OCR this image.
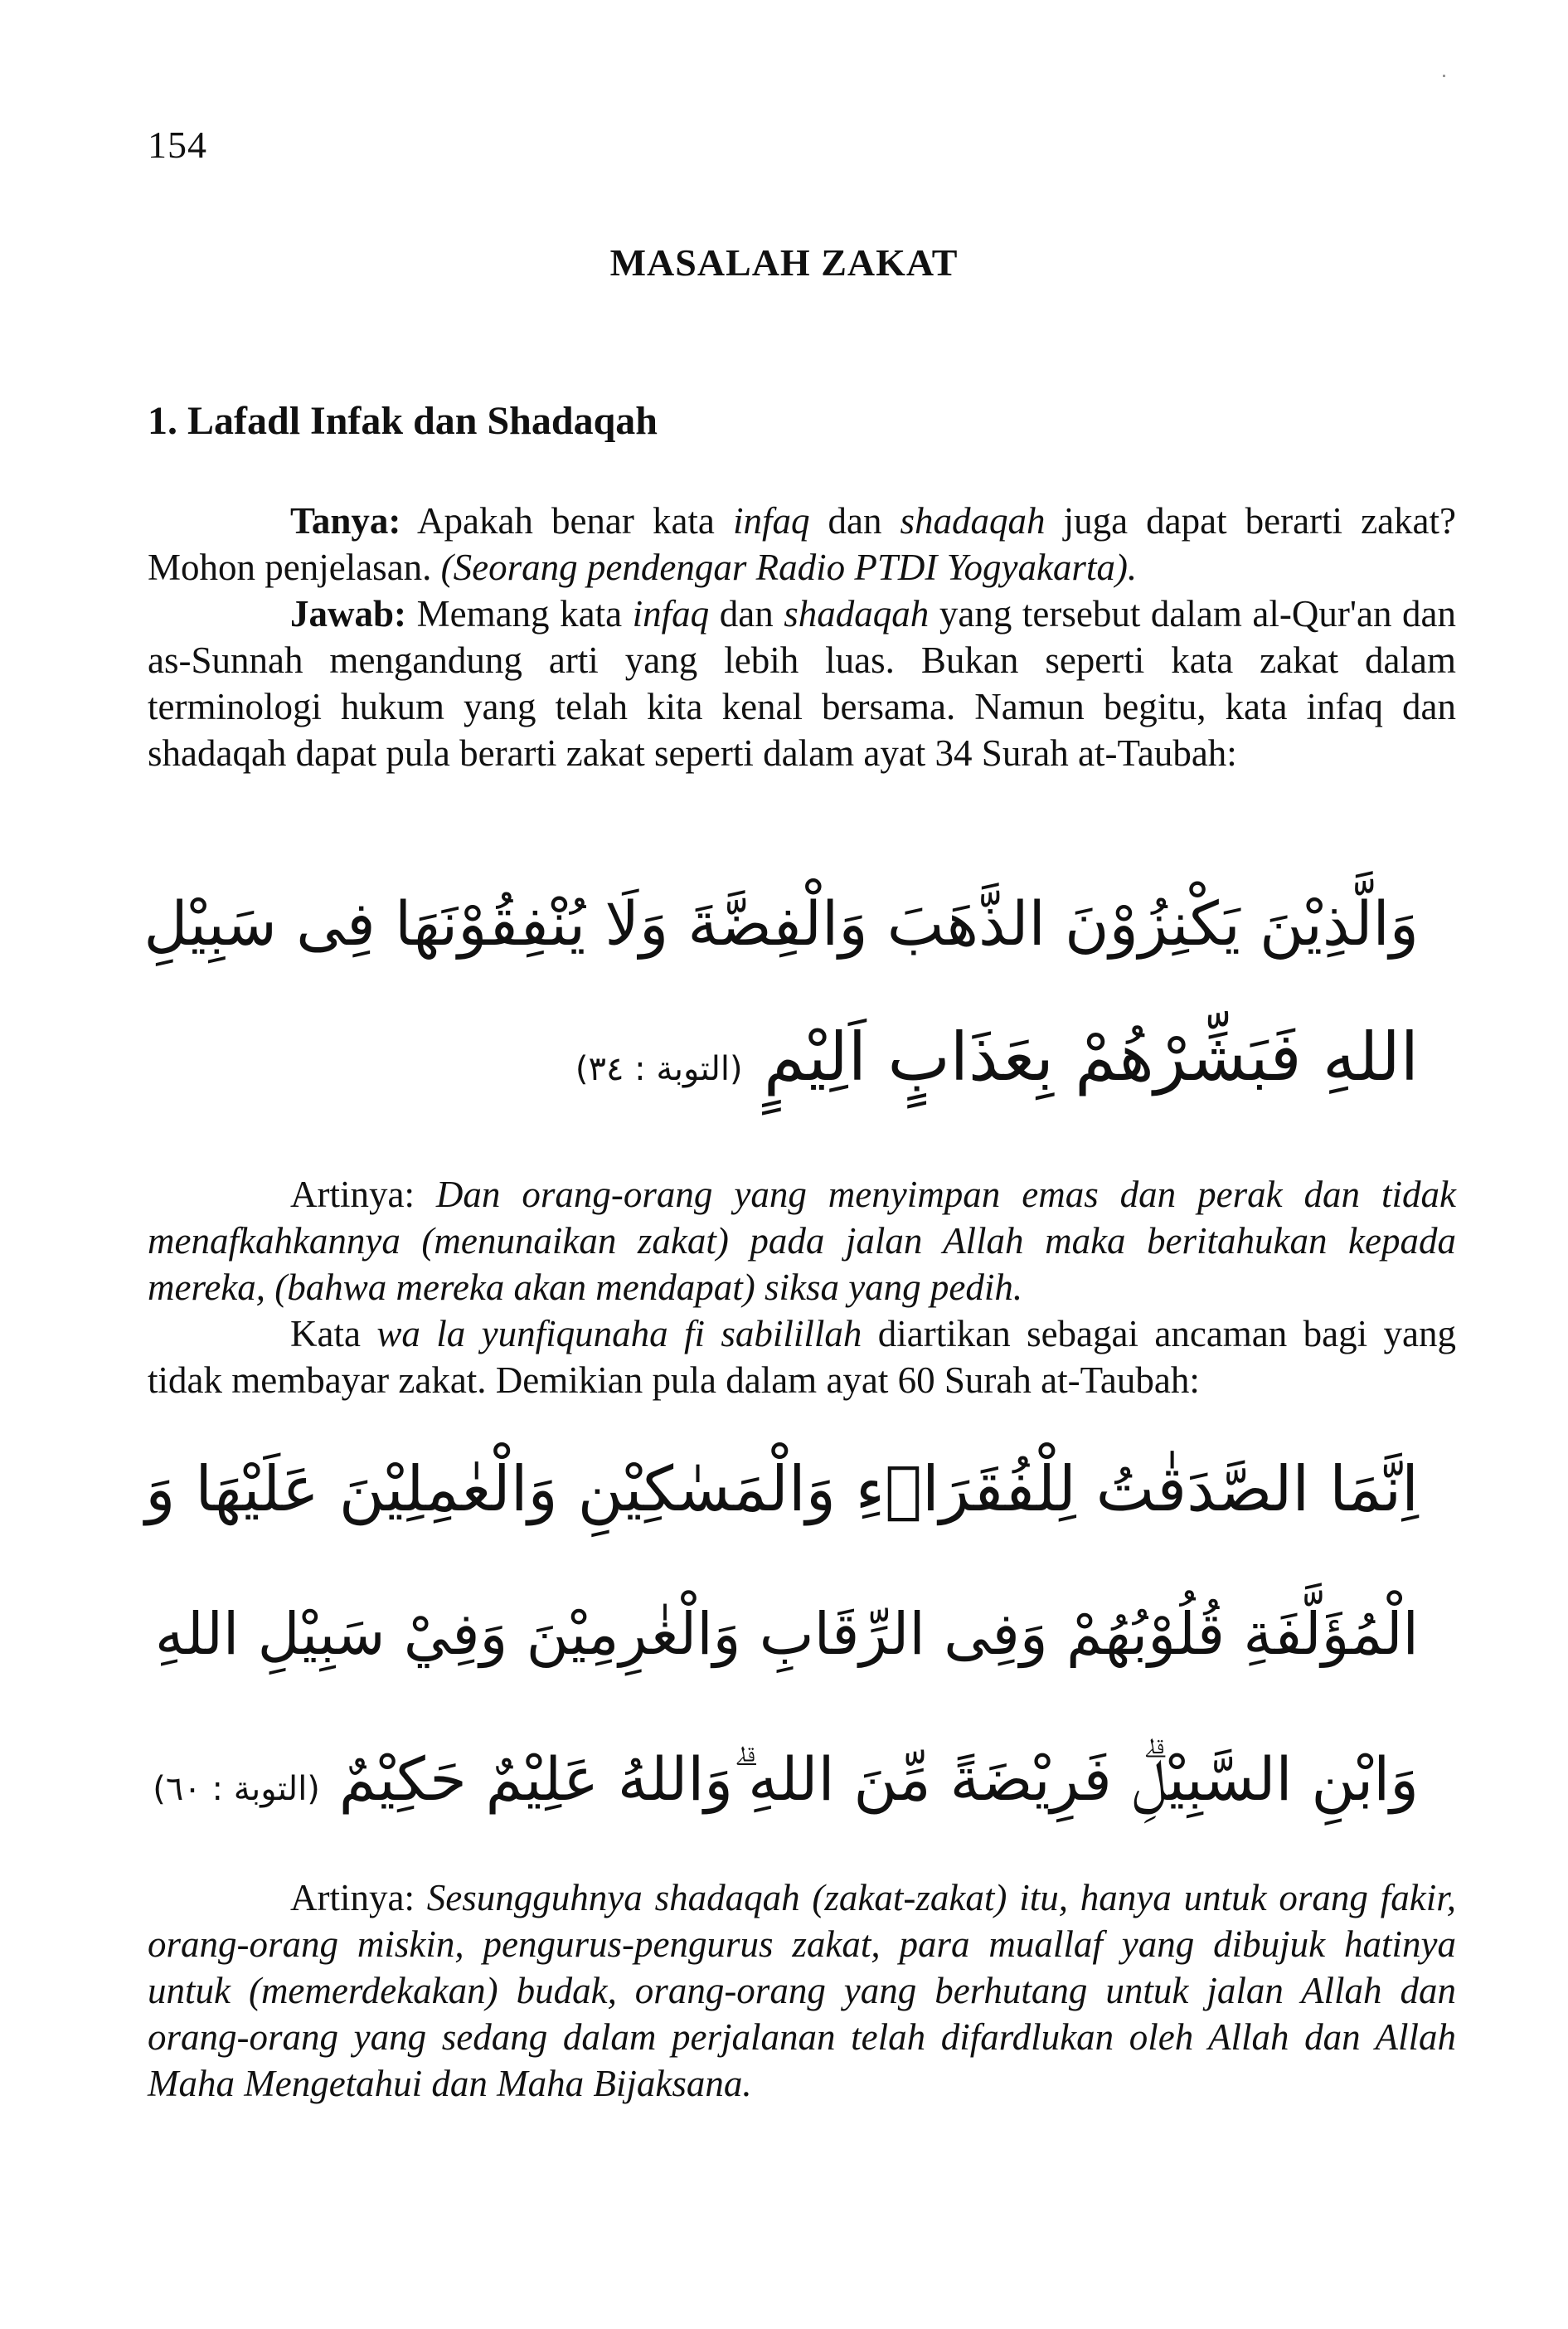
154
MASALAH ZAKAT
1. Lafadl Infak dan Shadaqah

Tanya: Apakah benar kata infaq dan shadaqah juga dapat berarti zakat? Mohon penjelasan. (Seorang pendengar Radio PTDI Yogyakarta).

Jawab: Memang kata infaq dan shadaqah yang tersebut dalam al-Qur'an dan as-Sunnah mengandung arti yang lebih luas. Bukan seperti kata zakat dalam terminologi hukum yang telah kita kenal bersama. Namun begitu, kata infaq dan shadaqah dapat pula berarti zakat seperti dalam ayat 34 Surah at-Taubah:

وَالَّذِيْنَ يَكْنِزُوْنَ الذَّهَبَ وَالْفِضَّةَ وَلَا يُنْفِقُوْنَهَا فِى سَبِيْلِ
اللهِ فَبَشِّرْهُمْ بِعَذَابٍ اَلِيْمٍ (التوبة : ٣٤)

Artinya: Dan orang-orang yang menyimpan emas dan perak dan tidak menafkahkannya (menunaikan zakat) pada jalan Allah maka beritahukan kepada mereka, (bahwa mereka akan mendapat) siksa yang pedih.

Kata wa la yunfiqunaha fi sabilillah diartikan sebagai ancaman bagi yang tidak membayar zakat. Demikian pula dalam ayat 60 Surah at-Taubah:

اِنَّمَا الصَّدَقٰتُ لِلْفُقَرَاۤءِ وَالْمَسٰكِيْنِ وَالْعٰمِلِيْنَ عَلَيْهَا وَ
الْمُؤَلَّفَةِ قُلُوْبُهُمْ وَفِى الرِّقَابِ وَالْغٰرِمِيْنَ وَفِيْ سَبِيْلِ اللهِ
وَابْنِ السَّبِيْلِۗ فَرِيْضَةً مِّنَ اللهِ ۗوَاللهُ عَلِيْمٌ حَكِيْمٌ (التوبة : ٦٠)

Artinya: Sesungguhnya shadaqah (zakat-zakat) itu, hanya untuk orang fakir, orang-orang miskin, pengurus-pengurus zakat, para muallaf yang dibujuk hatinya untuk (memerdekakan) budak, orang-orang yang berhutang untuk jalan Allah dan orang-orang yang sedang dalam perjalanan telah difardlukan oleh Allah dan Allah Maha Mengetahui dan Maha Bijaksana.
